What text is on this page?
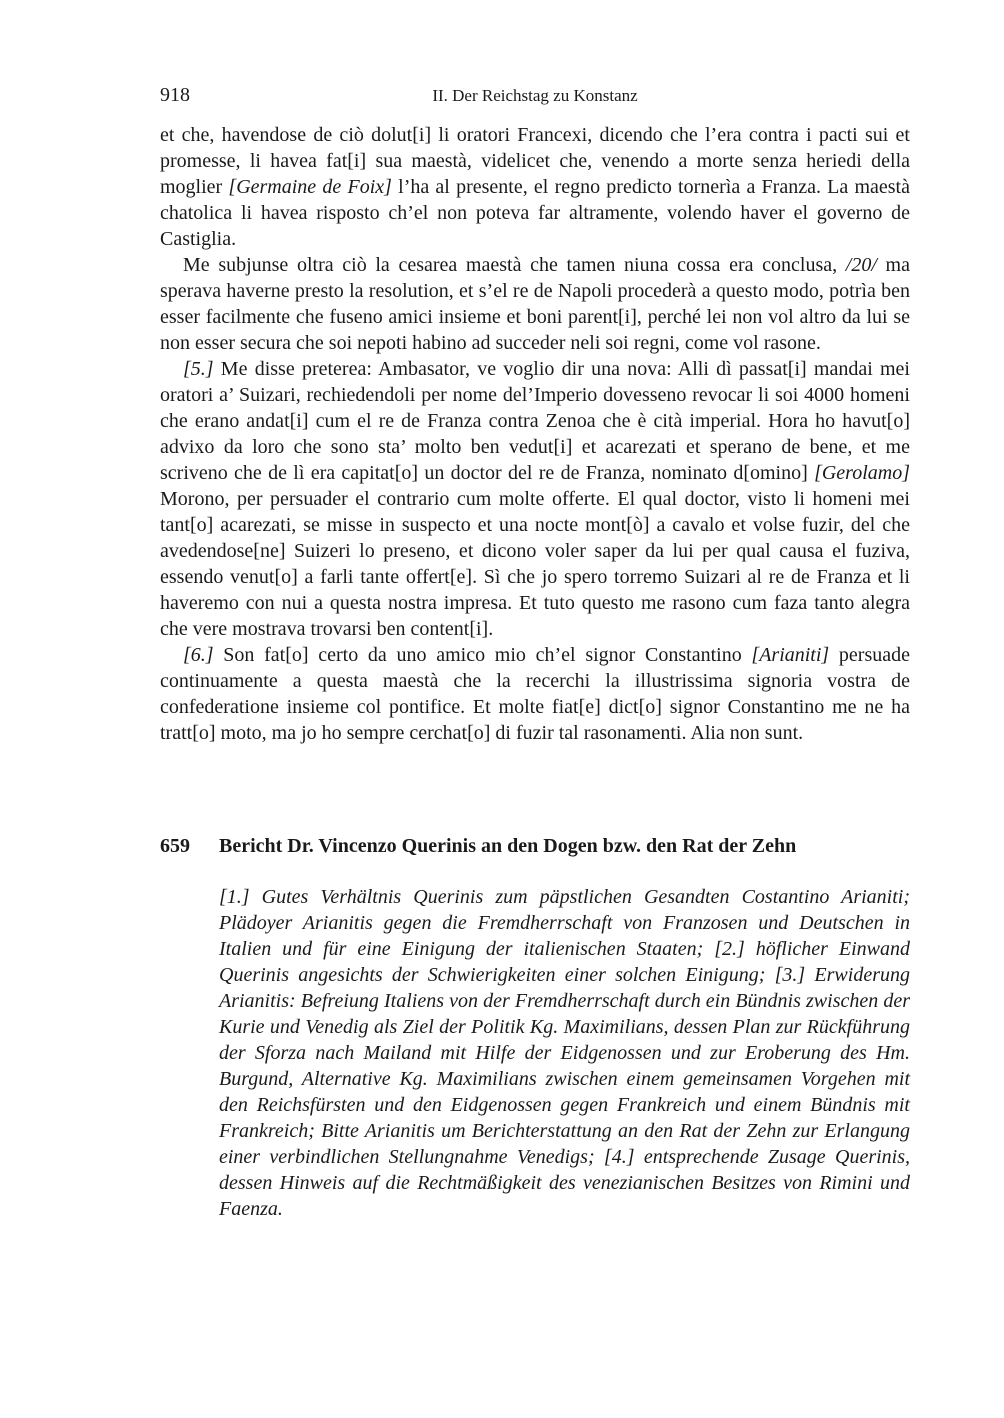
918	II. Der Reichstag zu Konstanz

et che, havendose de ciò dolut[i] li oratori Francexi, dicendo che l’era contra i pacti sui et promesse, li havea fat[i] sua maestà, videlicet che, venendo a morte senza heriedi della moglier [Germaine de Foix] l’ha al presente, el regno predicto tornerìa a Franza. La maestà chatolica li havea risposto ch’el non poteva far altramente, volendo haver el governo de Castiglia.

Me subjunse oltra ciò la cesarea maestà che tamen niuna cossa era conclusa, /20/ ma sperava haverne presto la resolution, et s’el re de Napoli procederà a questo modo, potrìa ben esser facilmente che fuseno amici insieme et boni parent[i], perché lei non vol altro da lui se non esser secura che soi nepoti habino ad succeder neli soi regni, come vol rasone.

[5.] Me disse preterea: Ambasator, ve voglio dir una nova: Alli dì passat[i] mandai mei oratori a’ Suizari, rechiedendoli per nome del’Imperio dovesseno revocar li soi 4000 homeni che erano andat[i] cum el re de Franza contra Zenoa che è cità imperial. Hora ho havut[o] advixo da loro che sono sta’ molto ben vedut[i] et acarezati et sperano de bene, et me scriveno che de lì era capitat[o] un doctor del re de Franza, nominato d[omino] [Gerolamo] Morono, per persuader el contrario cum molte offerte. El qual doctor, visto li homeni mei tant[o] acarezati, se misse in suspecto et una nocte mont[ò] a cavalo et volse fuzir, del che avedendose[ne] Suizeri lo preseno, et dicono voler saper da lui per qual causa el fuziva, essendo venut[o] a farli tante offert[e]. Sì che jo spero torremo Suizari al re de Franza et li haveremo con nui a questa nostra impresa. Et tuto questo me rasono cum faza tanto alegra che vere mostrava trovarsi ben content[i].

[6.] Son fat[o] certo da uno amico mio ch’el signor Constantino [Arianiti] persuade continuamente a questa maestà che la recerchi la illustrissima signoria vostra de confederatione insieme col pontifice. Et molte fiat[e] dict[o] signor Constantino me ne ha tratt[o] moto, ma jo ho sempre cerchat[o] di fuzir tal rasonamenti. Alia non sunt.

659 Bericht Dr. Vincenzo Querinis an den Dogen bzw. den Rat der Zehn

[1.] Gutes Verhältnis Querinis zum päpstlichen Gesandten Costantino Arianiti; Plädoyer Arianitis gegen die Fremdherrschaft von Franzosen und Deutschen in Italien und für eine Einigung der italienischen Staaten; [2.] höflicher Einwand Querinis angesichts der Schwierigkeiten einer solchen Einigung; [3.] Erwiderung Arianitis: Befreiung Italiens von der Fremdherrschaft durch ein Bündnis zwischen der Kurie und Venedig als Ziel der Politik Kg. Maximilians, dessen Plan zur Rückführung der Sforza nach Mailand mit Hilfe der Eidgenossen und zur Eroberung des Hm. Burgund, Alternative Kg. Maximilians zwischen einem gemeinsamen Vorgehen mit den Reichsfürsten und den Eidgenossen gegen Frankreich und einem Bündnis mit Frankreich; Bitte Arianitis um Berichterstattung an den Rat der Zehn zur Erlangung einer verbindlichen Stellungnahme Venedigs; [4.] entsprechende Zusage Querinis, dessen Hinweis auf die Rechtmäßigkeit des venezianischen Besitzes von Rimini und Faenza.
